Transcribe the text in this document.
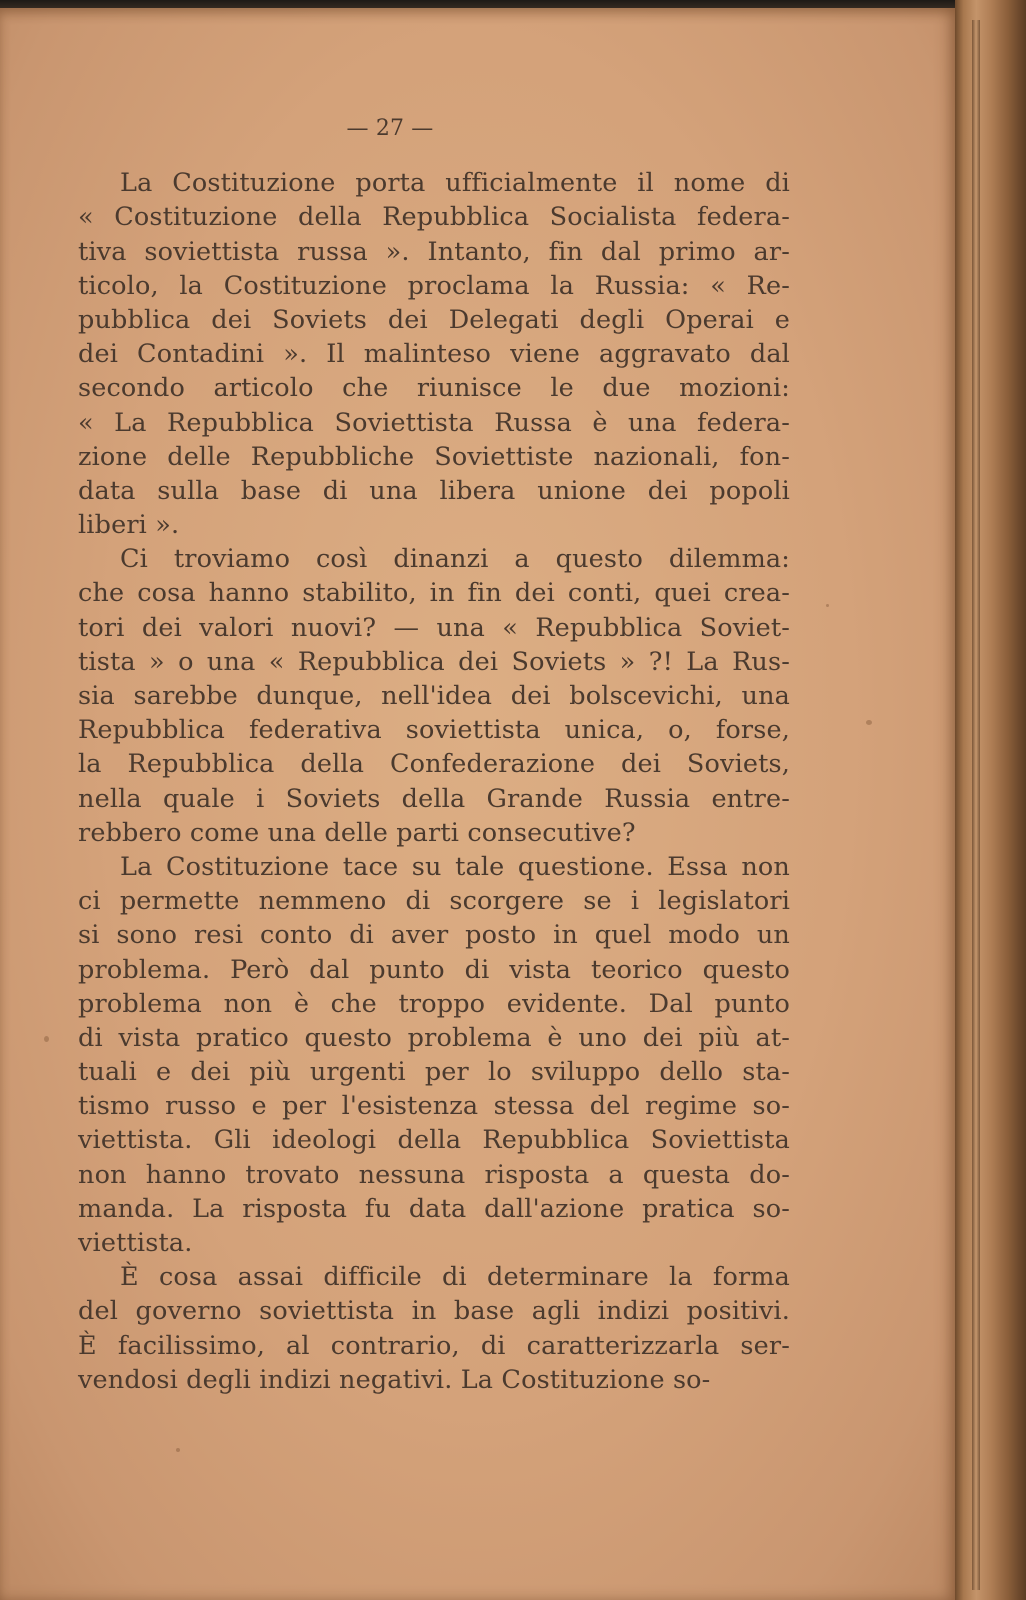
— 27 —
La Costituzione porta ufficialmente il nome di
« Costituzione della Repubblica Socialista federa-
tiva soviettista russa ». Intanto, fin dal primo ar-
ticolo, la Costituzione proclama la Russia: « Re-
pubblica dei Soviets dei Delegati degli Operai e
dei Contadini ». Il malinteso viene aggravato dal
secondo articolo che riunisce le due mozioni:
« La Repubblica Soviettista Russa è una federa-
zione delle Repubbliche Soviettiste nazionali, fon-
data sulla base di una libera unione dei popoli
liberi ».
Ci troviamo così dinanzi a questo dilemma:
che cosa hanno stabilito, in fin dei conti, quei crea-
tori dei valori nuovi? — una « Repubblica Soviet-
tista » o una « Repubblica dei Soviets » ?! La Rus-
sia sarebbe dunque, nell'idea dei bolscevichi, una
Repubblica federativa soviettista unica, o, forse,
la Repubblica della Confederazione dei Soviets,
nella quale i Soviets della Grande Russia entre-
rebbero come una delle parti consecutive?
La Costituzione tace su tale questione. Essa non
ci permette nemmeno di scorgere se i legislatori
si sono resi conto di aver posto in quel modo un
problema. Però dal punto di vista teorico questo
problema non è che troppo evidente. Dal punto
di vista pratico questo problema è uno dei più at-
tuali e dei più urgenti per lo sviluppo dello sta-
tismo russo e per l'esistenza stessa del regime so-
viettista. Gli ideologi della Repubblica Soviettista
non hanno trovato nessuna risposta a questa do-
manda. La risposta fu data dall'azione pratica so-
viettista.
È cosa assai difficile di determinare la forma
del governo soviettista in base agli indizi positivi.
È facilissimo, al contrario, di caratterizzarla ser-
vendosi degli indizi negativi. La Costituzione so-
